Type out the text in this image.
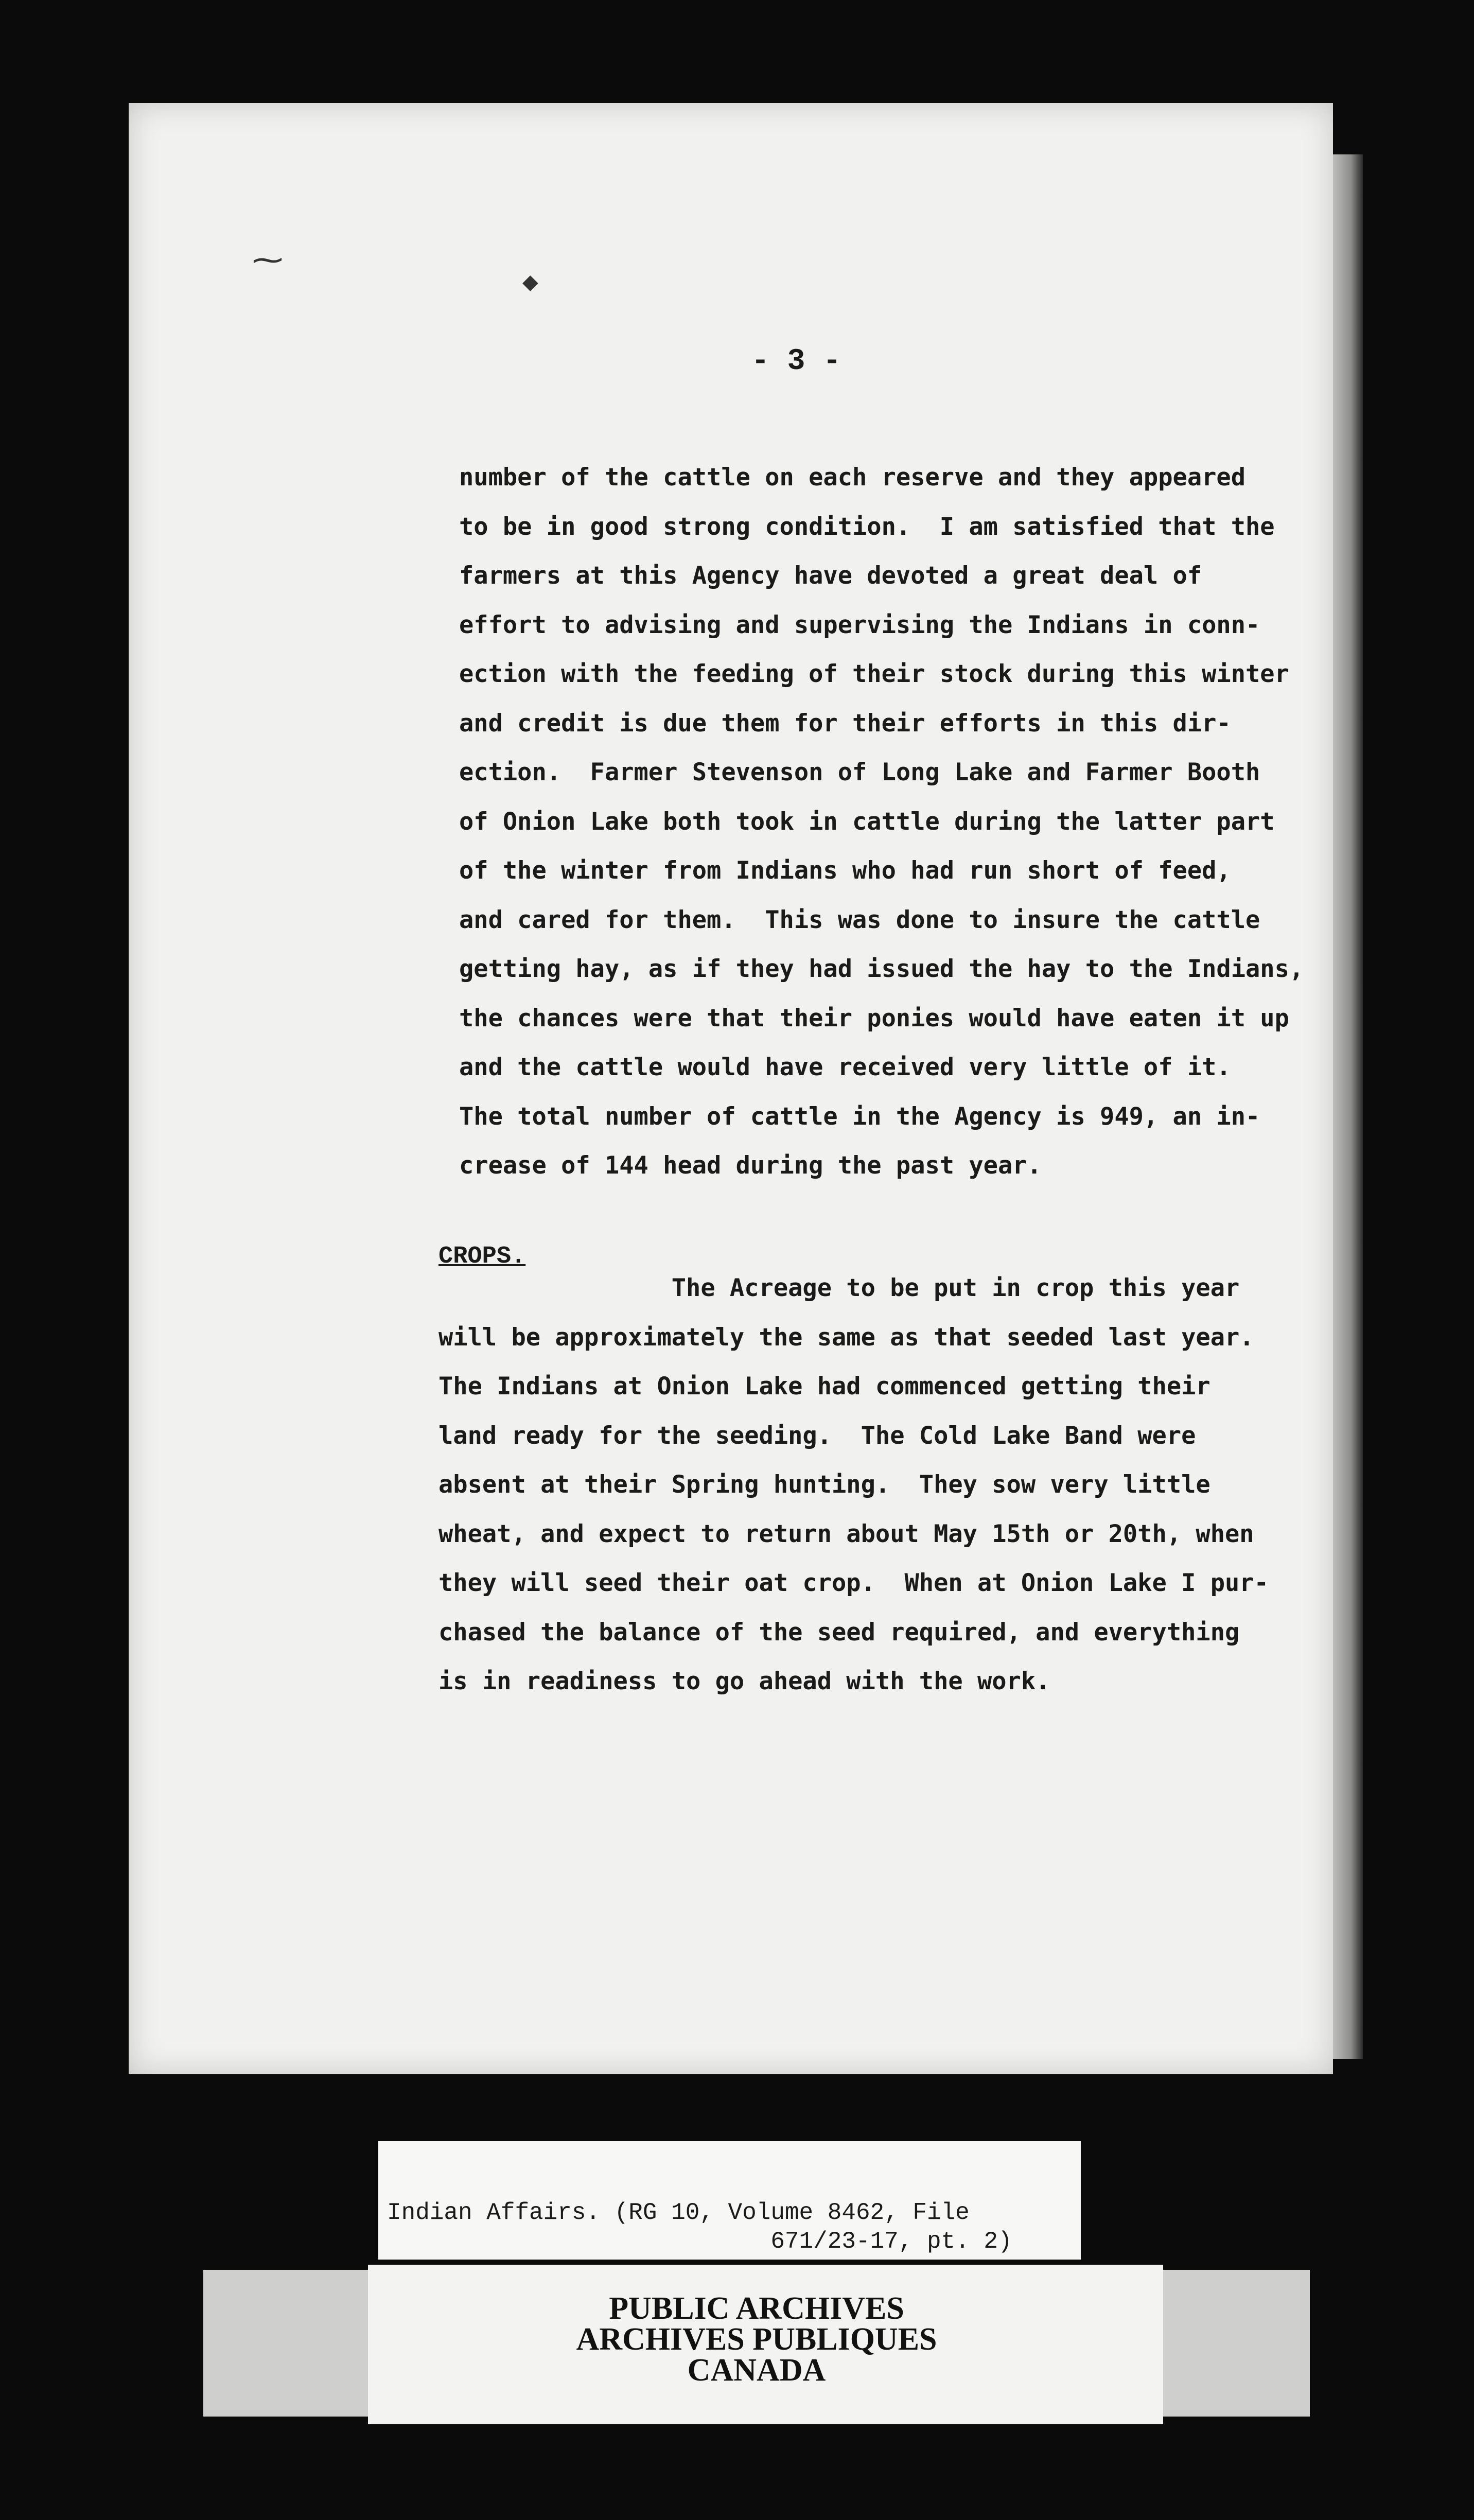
⁓
◆
- 3 -
number of the cattle on each reserve and they appeared
to be in good strong condition.  I am satisfied that the
farmers at this Agency have devoted a great deal of
effort to advising and supervising the Indians in conn-
ection with the feeding of their stock during this winter
and credit is due them for their efforts in this dir-
ection.  Farmer Stevenson of Long Lake and Farmer Booth
of Onion Lake both took in cattle during the latter part
of the winter from Indians who had run short of feed,
and cared for them.  This was done to insure the cattle
getting hay, as if they had issued the hay to the Indians,
the chances were that their ponies would have eaten it up
and the cattle would have received very little of it.
The total number of cattle in the Agency is 949, an in-
crease of 144 head during the past year.
CROPS.
The Acreage to be put in crop this year
will be approximately the same as that seeded last year.
The Indians at Onion Lake had commenced getting their
land ready for the seeding.  The Cold Lake Band were
absent at their Spring hunting.  They sow very little
wheat, and expect to return about May 15th or 20th, when
they will seed their oat crop.  When at Onion Lake I pur-
chased the balance of the seed required, and everything
is in readiness to go ahead with the work.
Indian Affairs. (RG 10, Volume 8462, File
671/23-17, pt. 2)
PUBLIC ARCHIVES
ARCHIVES PUBLIQUES
CANADA
